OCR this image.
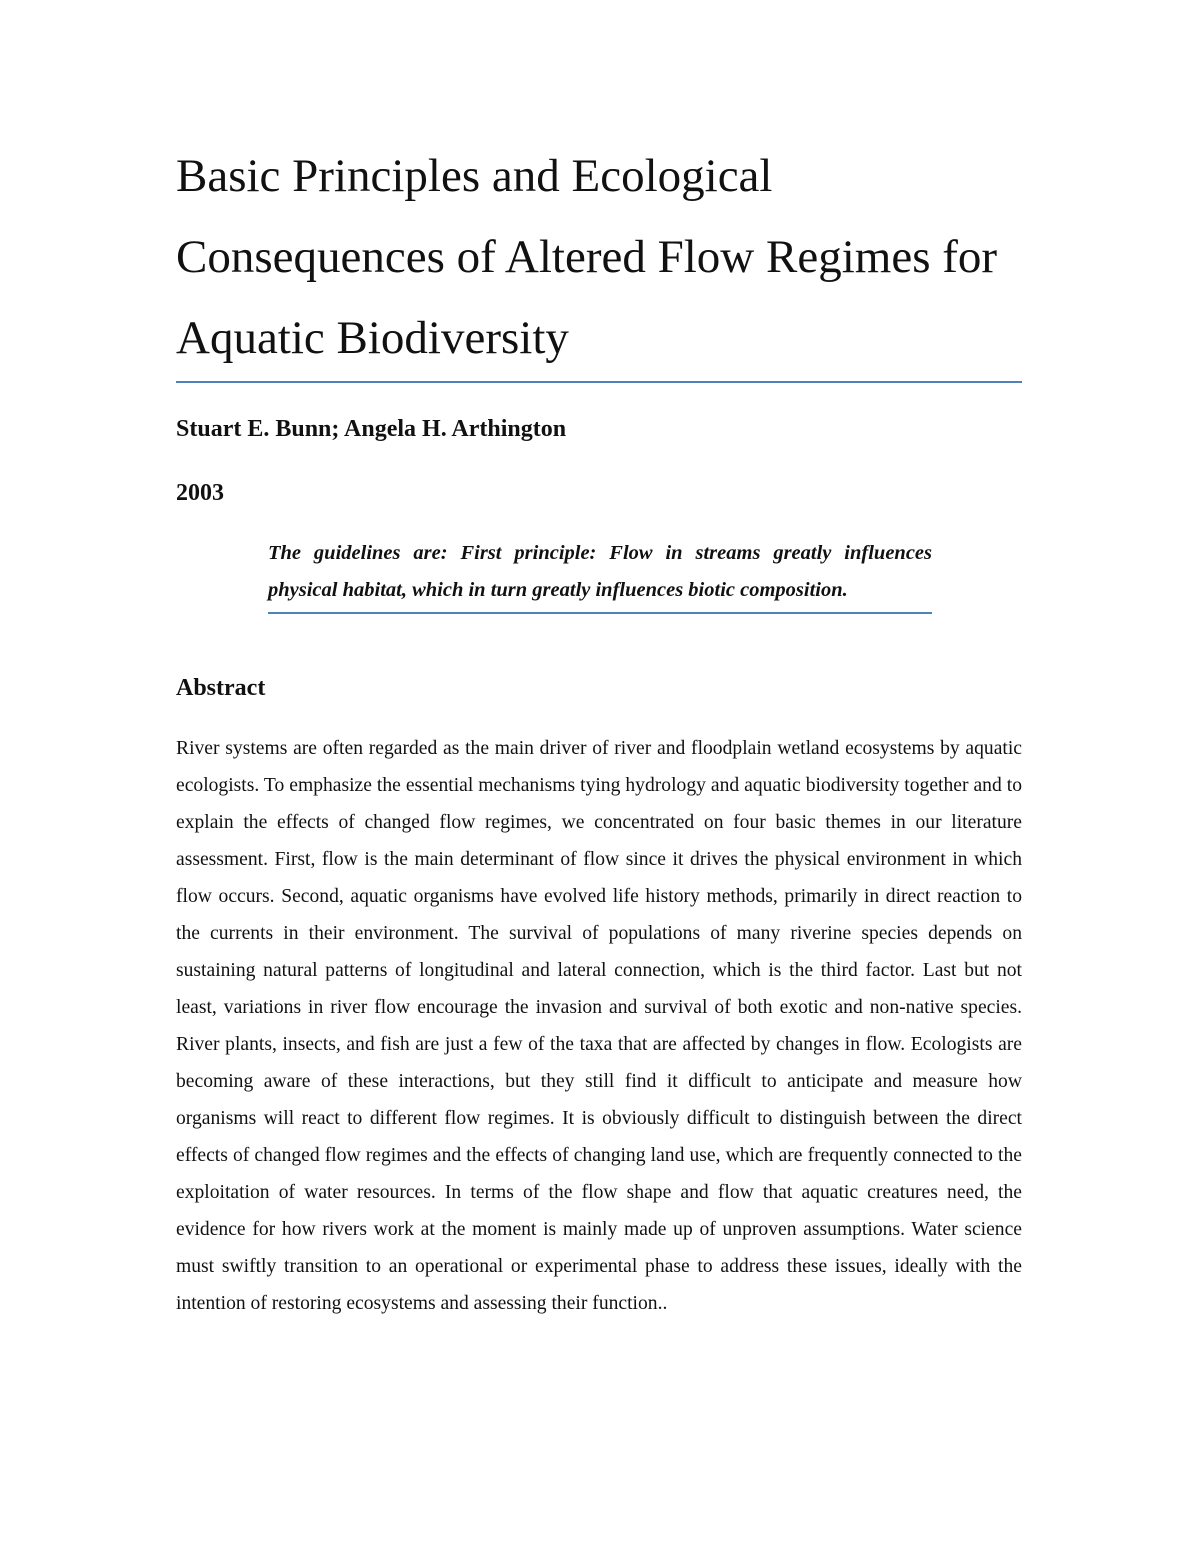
Basic Principles and Ecological Consequences of Altered Flow Regimes for Aquatic Biodiversity
Stuart E. Bunn; Angela H. Arthington
2003
The guidelines are: First principle: Flow in streams greatly influences physical habitat, which in turn greatly influences biotic composition.
Abstract

River systems are often regarded as the main driver of river and floodplain wetland ecosystems by aquatic ecologists. To emphasize the essential mechanisms tying hydrology and aquatic biodiversity together and to explain the effects of changed flow regimes, we concentrated on four basic themes in our literature assessment. First, flow is the main determinant of flow since it drives the physical environment in which flow occurs. Second, aquatic organisms have evolved life history methods, primarily in direct reaction to the currents in their environment. The survival of populations of many riverine species depends on sustaining natural patterns of longitudinal and lateral connection, which is the third factor. Last but not least, variations in river flow encourage the invasion and survival of both exotic and non-native species. River plants, insects, and fish are just a few of the taxa that are affected by changes in flow. Ecologists are becoming aware of these interactions, but they still find it difficult to anticipate and measure how organisms will react to different flow regimes. It is obviously difficult to distinguish between the direct effects of changed flow regimes and the effects of changing land use, which are frequently connected to the exploitation of water resources. In terms of the flow shape and flow that aquatic creatures need, the evidence for how rivers work at the moment is mainly made up of unproven assumptions. Water science must swiftly transition to an operational or experimental phase to address these issues, ideally with the intention of restoring ecosystems and assessing their function..
